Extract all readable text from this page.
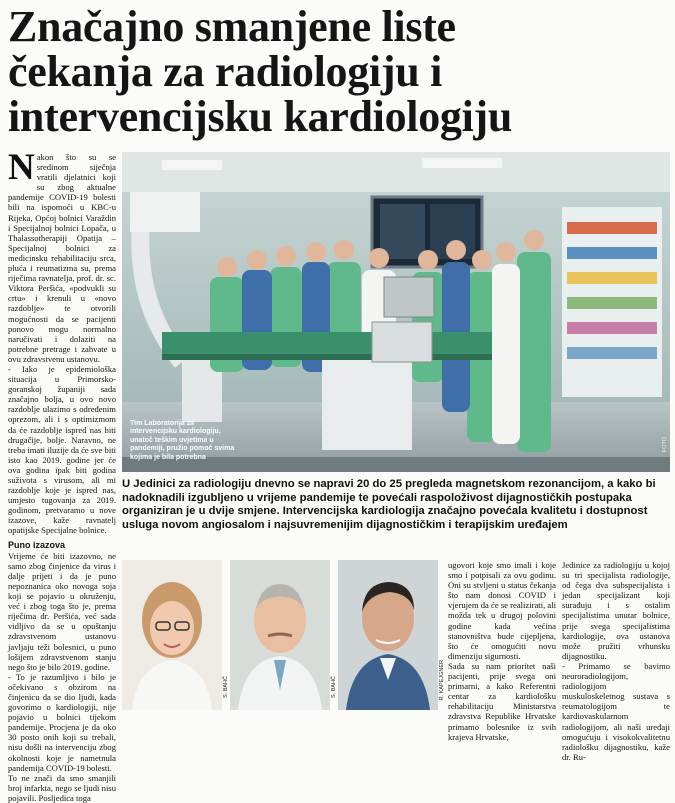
Značajno smanjene liste
čekanja za radiologiju i
intervencijsku kardiologiju

Nakon što su se sredinom siječnja vratili djelatnici koji su zbog aktualne pandemije COVID-19 bolesti bili na ispomoći u KBC-u Rijeka, Općoj bolnici Varaždin i Specijalnoj bolnici Lopača, u Thalassotherapiji Opatija – Specijalnoj bolnici za medicinsku rehabilitaciju srca, pluća i reumatizma su, prema riječima ravnatelja, prof. dr. sc. Viktora Peršića, «podvukli su crtu» i krenuli u «novo razdoblje» te otvorili mogućnosti da se pacijenti ponovo mogu normalno naručivati i dolaziti na potrebne pretrage i zahvate u ovu zdravstvenu ustanovu.

- Iako je epidemiološka situacija u Primorsko-goranskoj županiji sada značajno bolja, u ovo novo razdoblje ulazimo s određenim oprezom, ali i s optimizmom da će razdoblje ispred nas biti drugačije, bolje. Naravno, ne treba imati iluzije da će sve biti isto kao 2019. godine jer će ova godina ipak biti godina suživota s virusom, ali mi razdoblje koje je ispred nas, umjesto tugovanja za 2019. godinom, pretvaramo u nove izazove, kaže ravnatelj opatijske Specijalne bolnice.

Puno izazova

Vrijeme će biti izazovno, ne samo zbog činjenice da virus i dalje prijeti i da je punо nepoznanica oko novoga soja koji se pojavio u okruženju, već i zbog toga što je, prema riječima dr. Peršića, već sada vidljivo da se u opuštanju zdravstvenom ustanovu javljaju teži bolesnici, u puno lošijem zdravstvenom stanju nego što je bilo 2019. godine.

- To je razumljivo i bilo je očekivano s obzirom na činjenicu da se dio ljudi, kada govorimo o kardiologiji, nije pojavio u bolnici tijekom pandemije. Procjena je da oko 30 posto onih koji su trebali, nisu došli na intervenciju zbog okolnosti koje je nametnula pandemija COVID-19 bolesti.

To ne znači da smo smanjili broj infarkta, nego se ljudi nisu pojavili. Posljedica toga

Tim Laboratorija za intervencijsku kardiologiju, unatoč teškim uvjetima u pandemiji, pružio pomoć svima kojima je bila potrebna
FOTO
U Jedinici za radiologiju dnevno se napravi 20 do 25 pregleda magnetskom rezonancijom, a kako bi nadoknadili izgubljeno u vrijeme pandemije te povećali raspoloživost dijagnostičkih postupaka organiziran je u dvije smjene. Intervencijska kardiologija značajno povećala kvalitetu i dostupnost usluga novom angiosalom i najsuvremenijim dijagnostičkim i terapijskim uređajem
S. BAHČ	S. BAHČ	R. KAPEJGNER

ugovori koje smo imali i koje smo i potpisali za ovu godinu. Oni su stvljeni u status čekanja što nam donosi COVID i vjerujem da će se realizirati, ali možda tek u drugoj polovini godine kada većina stanovništva bude cijepljena, što će omogućiti novu dimenziju sigurnosti.

Sada su nam prioritet naši pacijenti, prije svega oni primarni, a kako Referentni centar za kardiološku rehabilitaciju Ministarstva zdravstva Republike Hrvatske primamo bolesnike iz svih krajeva Hrvatske,

Jedinice za radiologiju u kojoj su tri specijalista radiologije, od čega dva subspecijalista i jedan specijalizant koji surađuju i s ostalim specijalistima unutar bolnice, prije svega specijalistima kardiologije, ova ustanova može pružiti vrhunsku dijagnostiku.

- Primamo se bavimo neuroradiologijom, radiologijom muskuloskeletnog sustava s reumatologijom te kardiovaskularnom radiologijom, ali naši uređaji omogućuju i visokokvalitetnu radiološku dijagnostiku, kaže dr. Ru-
